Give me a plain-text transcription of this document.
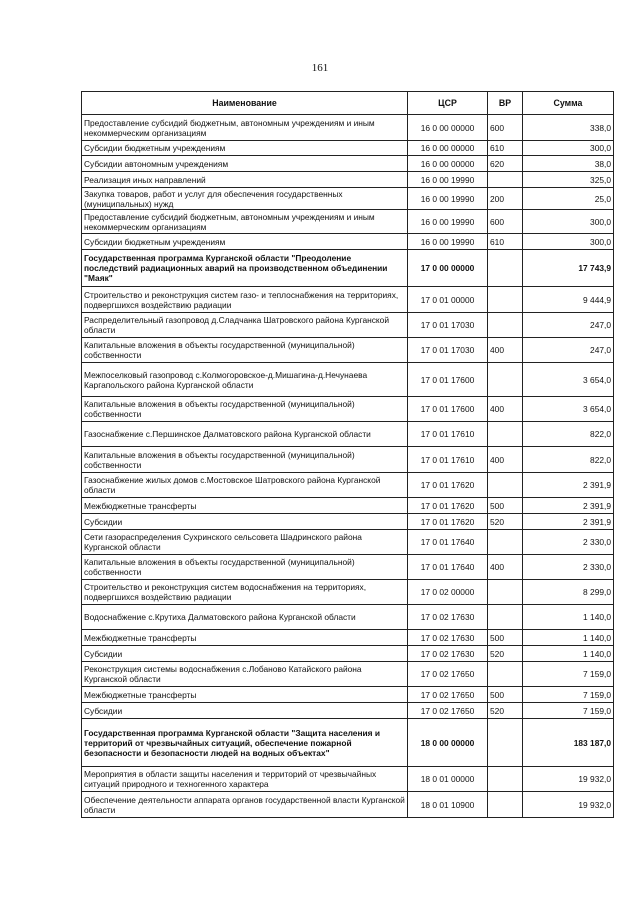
161
Наименование	ЦСР	ВР	Сумма
Предоставление субсидий бюджетным, автономным учреждениям и иным некоммерческим организациям	16 0 00 00000	600	338,0
Субсидии бюджетным учреждениям	16 0 00 00000	610	300,0
Субсидии автономным учреждениям	16 0 00 00000	620	38,0
Реализация иных направлений	16 0 00 19990		325,0
Закупка товаров, работ и услуг для обеспечения государственных (муниципальных) нужд	16 0 00 19990	200	25,0
Предоставление субсидий бюджетным, автономным учреждениям и иным некоммерческим организациям	16 0 00 19990	600	300,0
Субсидии бюджетным учреждениям	16 0 00 19990	610	300,0
Государственная программа Курганской области "Преодоление последствий радиационных аварий на производственном объединении "Маяк"	17 0 00 00000		17 743,9
Строительство и реконструкция систем газо- и теплоснабжения на территориях, подвергшихся воздействию радиации	17 0 01 00000		9 444,9
Распределительный газопровод д.Сладчанка Шатровского района Курганской области	17 0 01 17030		247,0
Капитальные вложения в объекты государственной (муниципальной) собственности	17 0 01 17030	400	247,0
Межпоселковый газопровод с.Колмогоровское-д.Мишагина-д.Нечунаева Каргапольского района Курганской области	17 0 01 17600		3 654,0
Капитальные вложения в объекты государственной (муниципальной) собственности	17 0 01 17600	400	3 654,0
Газоснабжение с.Першинское Далматовского района Курганской области	17 0 01 17610		822,0
Капитальные вложения в объекты государственной (муниципальной) собственности	17 0 01 17610	400	822,0
Газоснабжение жилых домов с.Мостовское Шатровского района Курганской области	17 0 01 17620		2 391,9
Межбюджетные трансферты	17 0 01 17620	500	2 391,9
Субсидии	17 0 01 17620	520	2 391,9
Сети газораспределения Сухринского сельсовета Шадринского района Курганской области	17 0 01 17640		2 330,0
Капитальные вложения в объекты государственной (муниципальной) собственности	17 0 01 17640	400	2 330,0
Строительство и реконструкция систем водоснабжения на территориях, подвергшихся воздействию радиации	17 0 02 00000		8 299,0
Водоснабжение с.Крутиха Далматовского района Курганской области	17 0 02 17630		1 140,0
Межбюджетные трансферты	17 0 02 17630	500	1 140,0
Субсидии	17 0 02 17630	520	1 140,0
Реконструкция системы водоснабжения с.Лобаново Катайского района Курганской области	17 0 02 17650		7 159,0
Межбюджетные трансферты	17 0 02 17650	500	7 159,0
Субсидии	17 0 02 17650	520	7 159,0
Государственная программа Курганской области "Защита населения и территорий от чрезвычайных ситуаций, обеспечение пожарной безопасности и безопасности людей на водных объектах"	18 0 00 00000		183 187,0
Мероприятия в области защиты населения и территорий от чрезвычайных ситуаций природного и техногенного характера	18 0 01 00000		19 932,0
Обеспечение деятельности аппарата органов государственной власти Курганской области	18 0 01 10900		19 932,0
